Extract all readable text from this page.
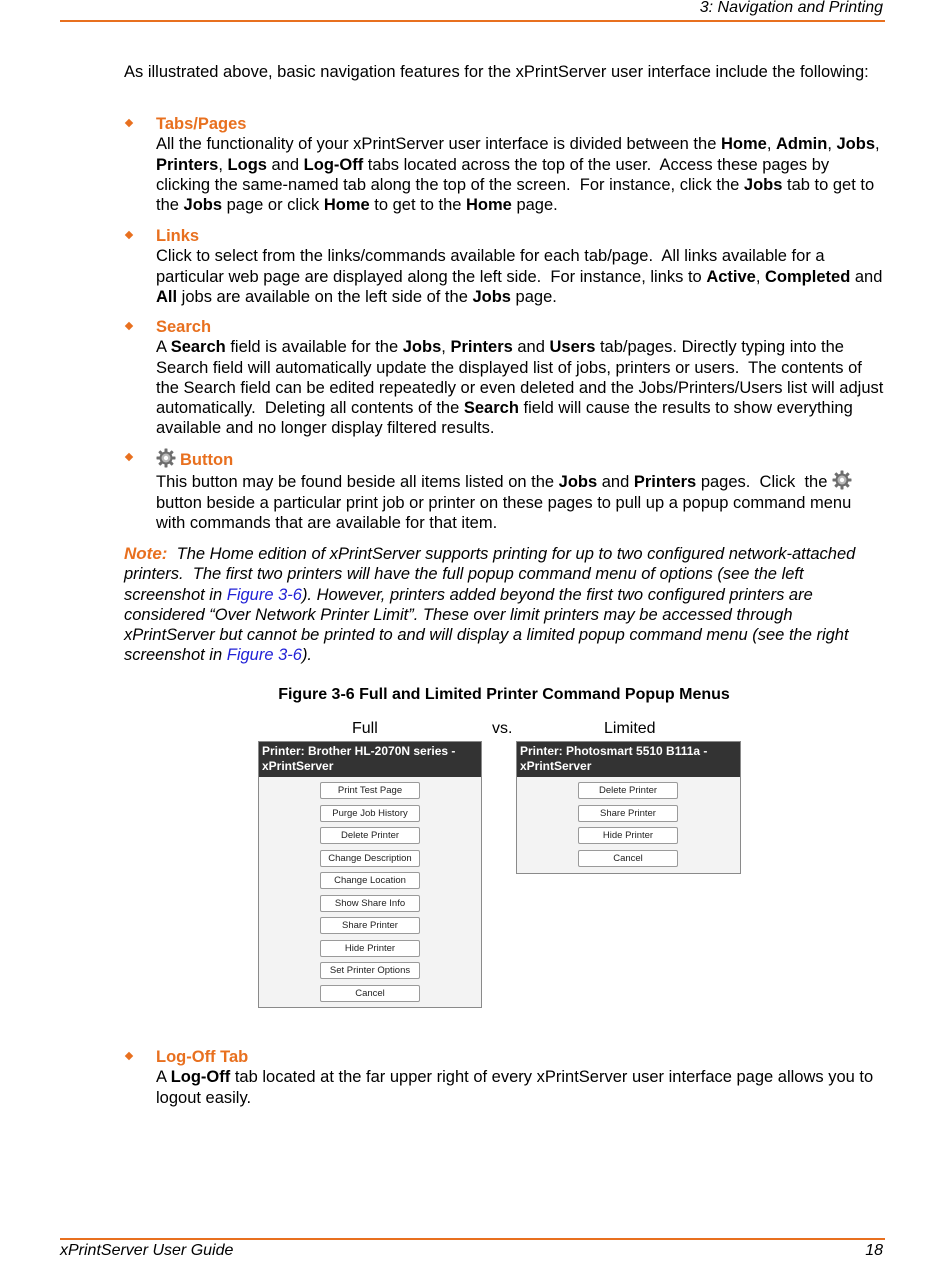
3: Navigation and Printing
As illustrated above, basic navigation features for the xPrintServer user interface include the following:
Tabs/Pages
All the functionality of your xPrintServer user interface is divided between the Home, Admin, Jobs, Printers, Logs and Log-Off tabs located across the top of the user.  Access these pages by clicking the same-named tab along the top of the screen.  For instance, click the Jobs tab to get to the Jobs page or click Home to get to the Home page.
Links
Click to select from the links/commands available for each tab/page.  All links available for a particular web page are displayed along the left side.  For instance, links to Active, Completed and All jobs are available on the left side of the Jobs page.
Search
A Search field is available for the Jobs, Printers and Users tab/pages. Directly typing into the Search field will automatically update the displayed list of jobs, printers or users.  The contents of the Search field can be edited repeatedly or even deleted and the Jobs/Printers/Users list will adjust automatically.  Deleting all contents of the Search field will cause the results to show everything available and no longer display filtered results.
Button
This button may be found beside all items listed on the Jobs and Printers pages.  Click  the button beside a particular print job or printer on these pages to pull up a popup command menu with commands that are available for that item.
Note:  The Home edition of xPrintServer supports printing for up to two configured network-attached printers.  The first two printers will have the full popup command menu of options (see the left screenshot in Figure 3-6). However, printers added beyond the first two configured printers are considered “Over Network Printer Limit”. These over limit printers may be accessed through xPrintServer but cannot be printed to and will display a limited popup command menu (see the right screenshot in Figure 3-6).
Figure 3-6 Full and Limited Printer Command Popup Menus
Full	vs.	Limited
Printer: Brother HL-2070N series - xPrintServer
Print Test Page
Purge Job History
Delete Printer
Change Description
Change Location
Show Share Info
Share Printer
Hide Printer
Set Printer Options
Cancel
Printer: Photosmart 5510 B111a - xPrintServer
Delete Printer
Share Printer
Hide Printer
Cancel
Log-Off Tab
A Log-Off tab located at the far upper right of every xPrintServer user interface page allows you to logout easily.
xPrintServer User Guide	18
